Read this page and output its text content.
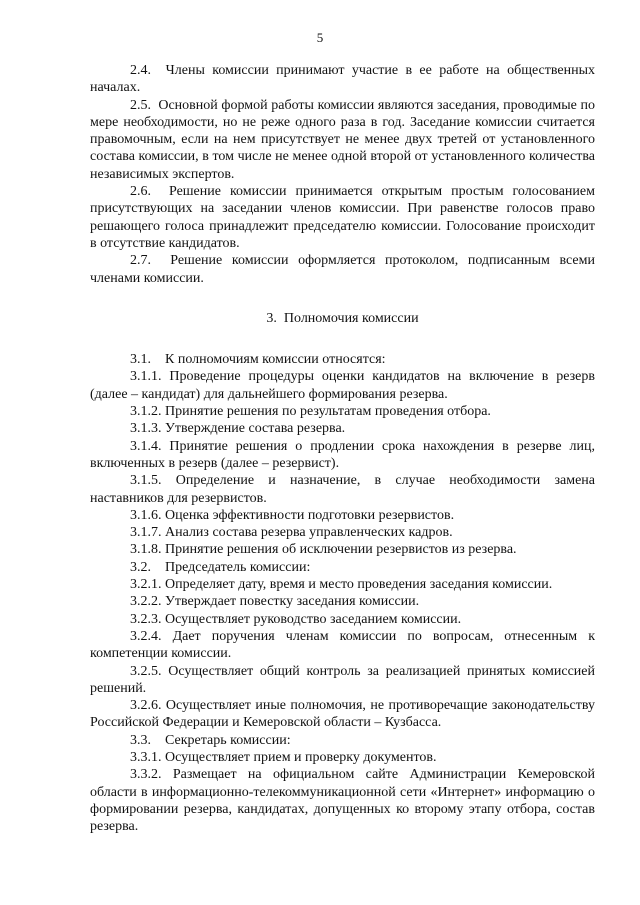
5
2.4.  Члены комиссии принимают участие в ее работе на общественных началах.
2.5.  Основной формой работы комиссии являются заседания, проводимые по мере необходимости, но не реже одного раза в год. Заседание комиссии считается правомочным, если на нем присутствует не менее двух третей от установленного состава комиссии, в том числе не менее одной второй от установленного количества независимых экспертов.
2.6.  Решение комиссии принимается открытым простым голосованием присутствующих на заседании членов комиссии. При равенстве голосов право решающего голоса принадлежит председателю комиссии. Голосование происходит в отсутствие кандидатов.
2.7.  Решение комиссии оформляется протоколом, подписанным всеми членами комиссии.
3.  Полномочия комиссии
3.1.    К полномочиям комиссии относятся:
3.1.1. Проведение процедуры оценки кандидатов на включение в резерв (далее – кандидат) для дальнейшего формирования резерва.
3.1.2. Принятие решения по результатам проведения отбора.
3.1.3. Утверждение состава резерва.
3.1.4. Принятие решения о продлении срока нахождения в резерве лиц, включенных в резерв (далее – резервист).
3.1.5. Определение и назначение, в случае необходимости замена наставников для резервистов.
3.1.6. Оценка эффективности подготовки резервистов.
3.1.7. Анализ состава резерва управленческих кадров.
3.1.8. Принятие решения об исключении резервистов из резерва.
3.2.    Председатель комиссии:
3.2.1. Определяет дату, время и место проведения заседания комиссии.
3.2.2. Утверждает повестку заседания комиссии.
3.2.3. Осуществляет руководство заседанием комиссии.
3.2.4. Дает поручения членам комиссии по вопросам, отнесенным к компетенции комиссии.
3.2.5. Осуществляет общий контроль за реализацией принятых комиссией решений.
3.2.6. Осуществляет иные полномочия, не противоречащие законодательству Российской Федерации и Кемеровской области – Кузбасса.
3.3.    Секретарь комиссии:
3.3.1. Осуществляет прием и проверку документов.
3.3.2. Размещает на официальном сайте Администрации Кемеровской области в информационно-телекоммуникационной сети «Интернет» информацию о формировании резерва, кандидатах, допущенных ко второму этапу отбора, состав резерва.
